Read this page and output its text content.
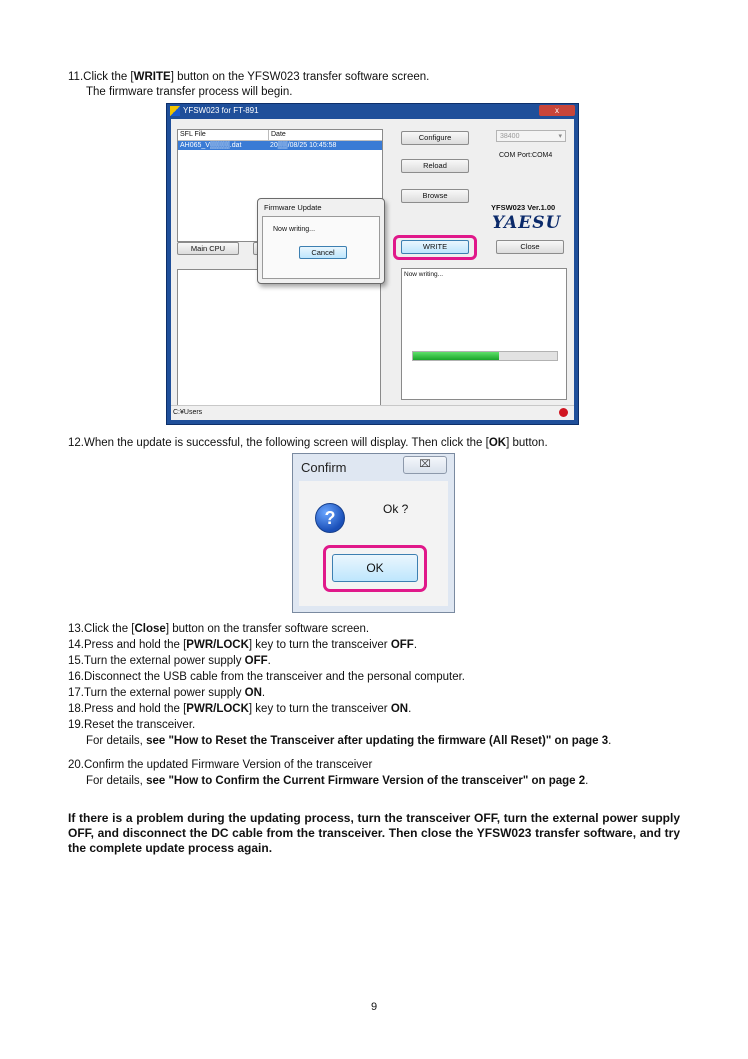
11.Click the [WRITE] button on the YFSW023 transfer software screen.
The firmware transfer process will begin.
YFSW023 for FT-891	x
SFL File	Date
AH065_V▒▒▒▒.dat	20▒▒/08/25 10:45:58
Main CPU
Configure	38400	▾
COM Port:COM4
Reload
Browse
YFSW023 Ver.1.00
YAESU
WRITE	Close
Now writing...
Firmware Update
Now writing...
Cancel
C:¥Users
12.When the update is successful, the following screen will display. Then click the [OK] button.
Confirm	⌧
?	Ok ?
OK
13.Click the [Close] button on the transfer software screen.
14.Press and hold the [PWR/LOCK] key to turn the transceiver OFF.
15.Turn the external power supply OFF.
16.Disconnect the USB cable from the transceiver and the personal computer.
17.Turn the external power supply ON.
18.Press and hold the [PWR/LOCK] key to turn the transceiver ON.
19.Reset the transceiver.
For details, see "How to Reset the Transceiver after updating the firmware (All Reset)" on page 3.
20.Confirm the updated Firmware Version of the transceiver
For details, see "How to Confirm the Current Firmware Version of the transceiver" on page 2.
If there is a problem during the updating process, turn the transceiver OFF, turn the external power supply OFF, and disconnect the DC cable from the transceiver. Then close the YFSW023 transfer software, and try the complete update process again.
9
